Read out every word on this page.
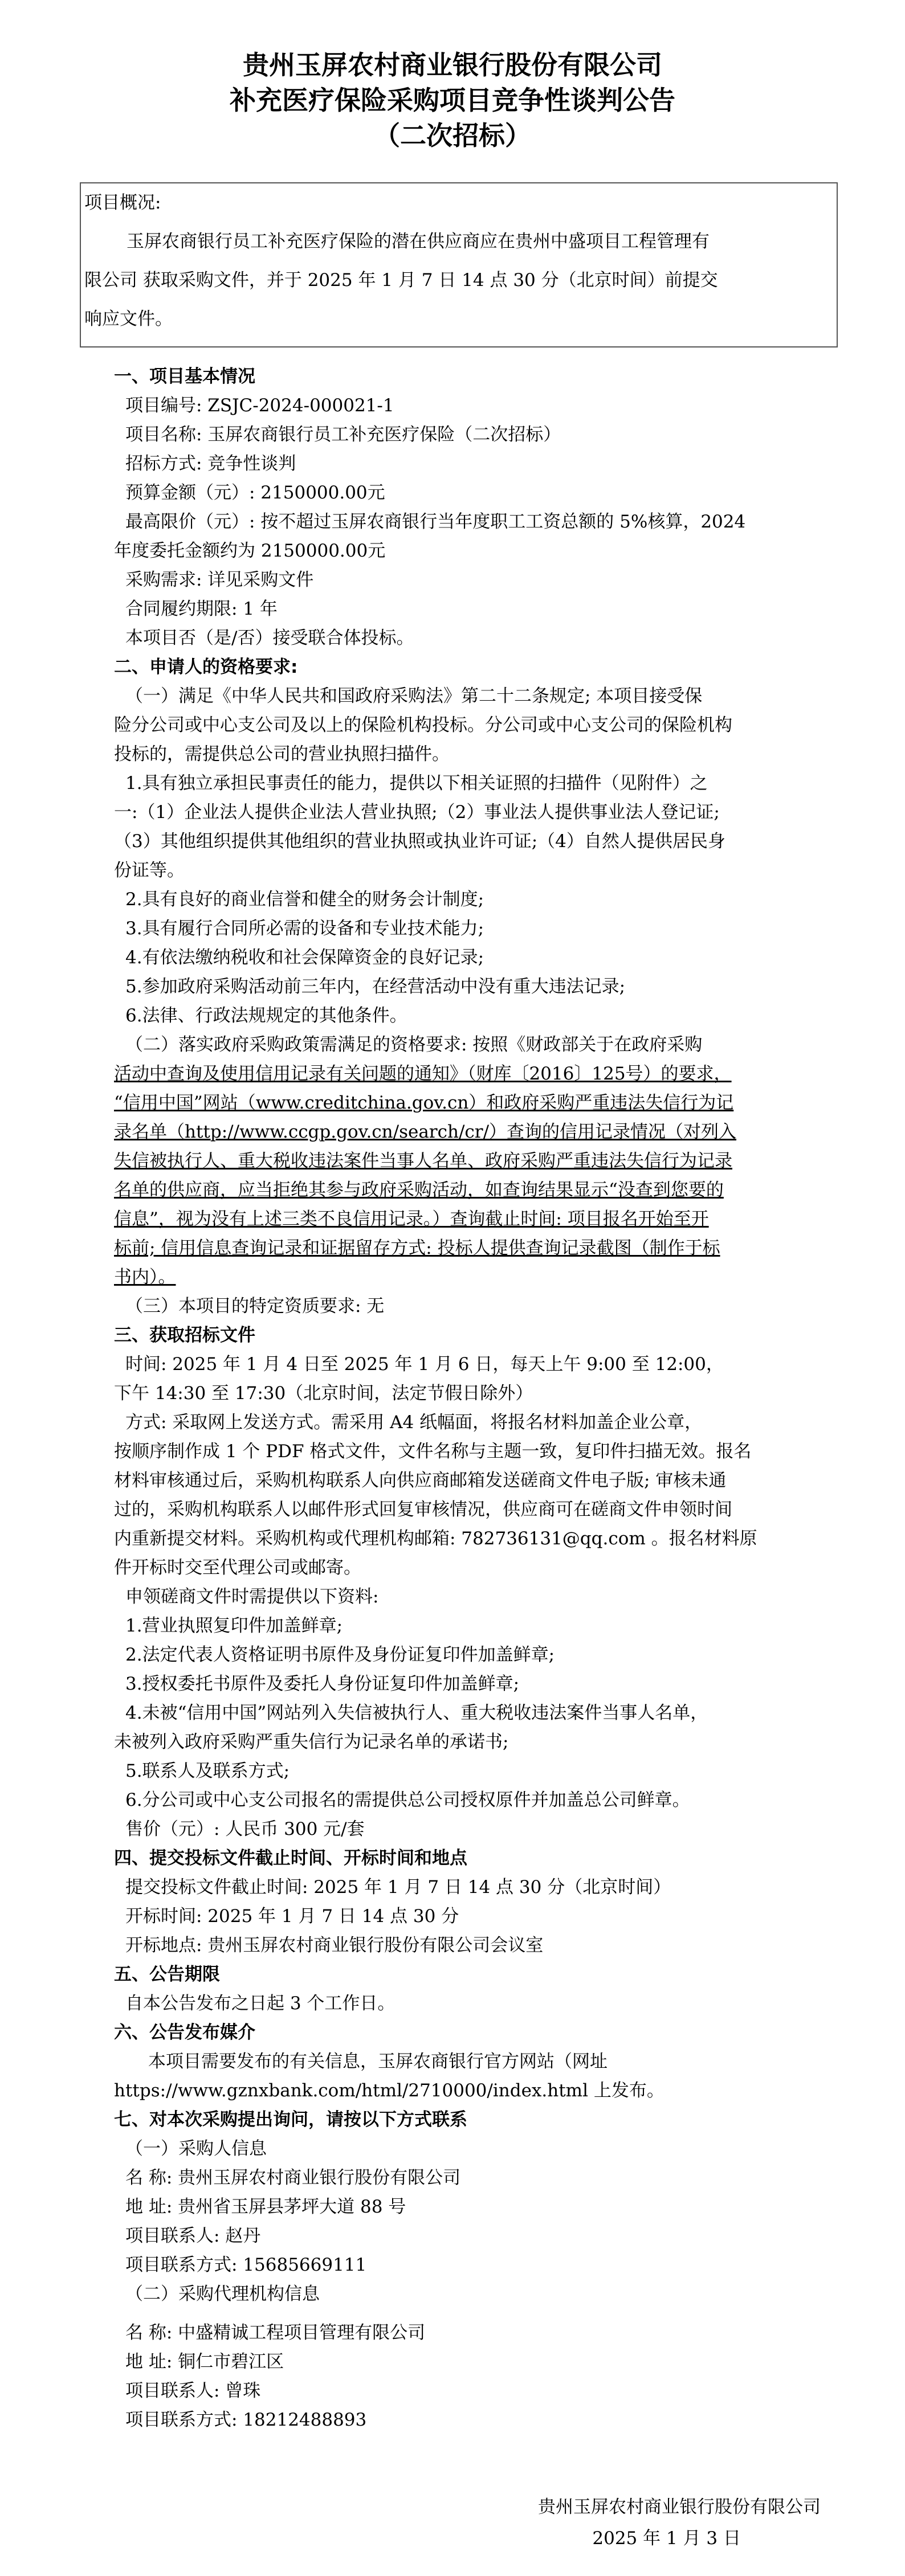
贵州玉屏农村商业银行股份有限公司
补充医疗保险采购项目竞争性谈判公告
（二次招标）
项目概况:
玉屏农商银行员工补充医疗保险的潜在供应商应在贵州中盛项目工程管理有
限公司 获取采购文件，并于 2025 年 1 月 7 日 14 点 30 分（北京时间）前提交
响应文件。
一、项目基本情况
项目编号: ZSJC-2024-000021-1
项目名称: 玉屏农商银行员工补充医疗保险（二次招标）
招标方式: 竞争性谈判
预算金额（元）: 2150000.00元
最高限价（元）: 按不超过玉屏农商银行当年度职工工资总额的 5%核算，2024
年度委托金额约为 2150000.00元
采购需求: 详见采购文件
合同履约期限: 1 年
本项目否（是/否）接受联合体投标。
二、申请人的资格要求:
（一）满足《中华人民共和国政府采购法》第二十二条规定; 本项目接受保
险分公司或中心支公司及以上的保险机构投标。分公司或中心支公司的保险机构
投标的，需提供总公司的营业执照扫描件。
1.具有独立承担民事责任的能力，提供以下相关证照的扫描件（见附件）之
一:（1）企业法人提供企业法人营业执照;（2）事业法人提供事业法人登记证;
（3）其他组织提供其他组织的营业执照或执业许可证;（4）自然人提供居民身
份证等。
2.具有良好的商业信誉和健全的财务会计制度;
3.具有履行合同所必需的设备和专业技术能力;
4.有依法缴纳税收和社会保障资金的良好记录;
5.参加政府采购活动前三年内，在经营活动中没有重大违法记录;
6.法律、行政法规规定的其他条件。
（二）落实政府采购政策需满足的资格要求: 按照《财政部关于在政府采购
活动中查询及使用信用记录有关问题的通知》（财库〔2016〕125号）的要求，
“信用中国”网站（www.creditchina.gov.cn）和政府采购严重违法失信行为记
录名单（http://www.ccgp.gov.cn/search/cr/）查询的信用记录情况（对列入
失信被执行人、重大税收违法案件当事人名单、政府采购严重违法失信行为记录
名单的供应商，应当拒绝其参与政府采购活动，如查询结果显示“没查到您要的
信息”，视为没有上述三类不良信用记录。）查询截止时间: 项目报名开始至开
标前; 信用信息查询记录和证据留存方式: 投标人提供查询记录截图（制作于标
书内）。
（三）本项目的特定资质要求: 无
三、获取招标文件
时间: 2025 年 1 月 4 日至 2025 年 1 月 6 日，每天上午 9:00 至 12:00，
下午 14:30 至 17:30（北京时间，法定节假日除外）
方式: 采取网上发送方式。需采用 A4 纸幅面，将报名材料加盖企业公章，
按顺序制作成 1 个 PDF 格式文件，文件名称与主题一致，复印件扫描无效。报名
材料审核通过后，采购机构联系人向供应商邮箱发送磋商文件电子版; 审核未通
过的，采购机构联系人以邮件形式回复审核情况，供应商可在磋商文件申领时间
内重新提交材料。采购机构或代理机构邮箱: 782736131@qq.com 。报名材料原
件开标时交至代理公司或邮寄。
申领磋商文件时需提供以下资料:
1.营业执照复印件加盖鲜章;
2.法定代表人资格证明书原件及身份证复印件加盖鲜章;
3.授权委托书原件及委托人身份证复印件加盖鲜章;
4.未被“信用中国”网站列入失信被执行人、重大税收违法案件当事人名单，
未被列入政府采购严重失信行为记录名单的承诺书;
5.联系人及联系方式;
6.分公司或中心支公司报名的需提供总公司授权原件并加盖总公司鲜章。
售价（元）: 人民币 300 元/套
四、提交投标文件截止时间、开标时间和地点
提交投标文件截止时间: 2025 年 1 月 7 日 14 点 30 分（北京时间）
开标时间: 2025 年 1 月 7 日 14 点 30 分
开标地点: 贵州玉屏农村商业银行股份有限公司会议室
五、公告期限
自本公告发布之日起 3 个工作日。
六、公告发布媒介
本项目需要发布的有关信息，玉屏农商银行官方网站（网址
https://www.gznxbank.com/html/2710000/index.html 上发布。
七、对本次采购提出询问，请按以下方式联系
（一）采购人信息
名 称: 贵州玉屏农村商业银行股份有限公司
地 址: 贵州省玉屏县茅坪大道 88 号
项目联系人: 赵丹
项目联系方式: 15685669111
（二）采购代理机构信息
名 称: 中盛精诚工程项目管理有限公司
地 址: 铜仁市碧江区
项目联系人: 曾珠
项目联系方式: 18212488893
贵州玉屏农村商业银行股份有限公司
2025 年 1 月 3 日
